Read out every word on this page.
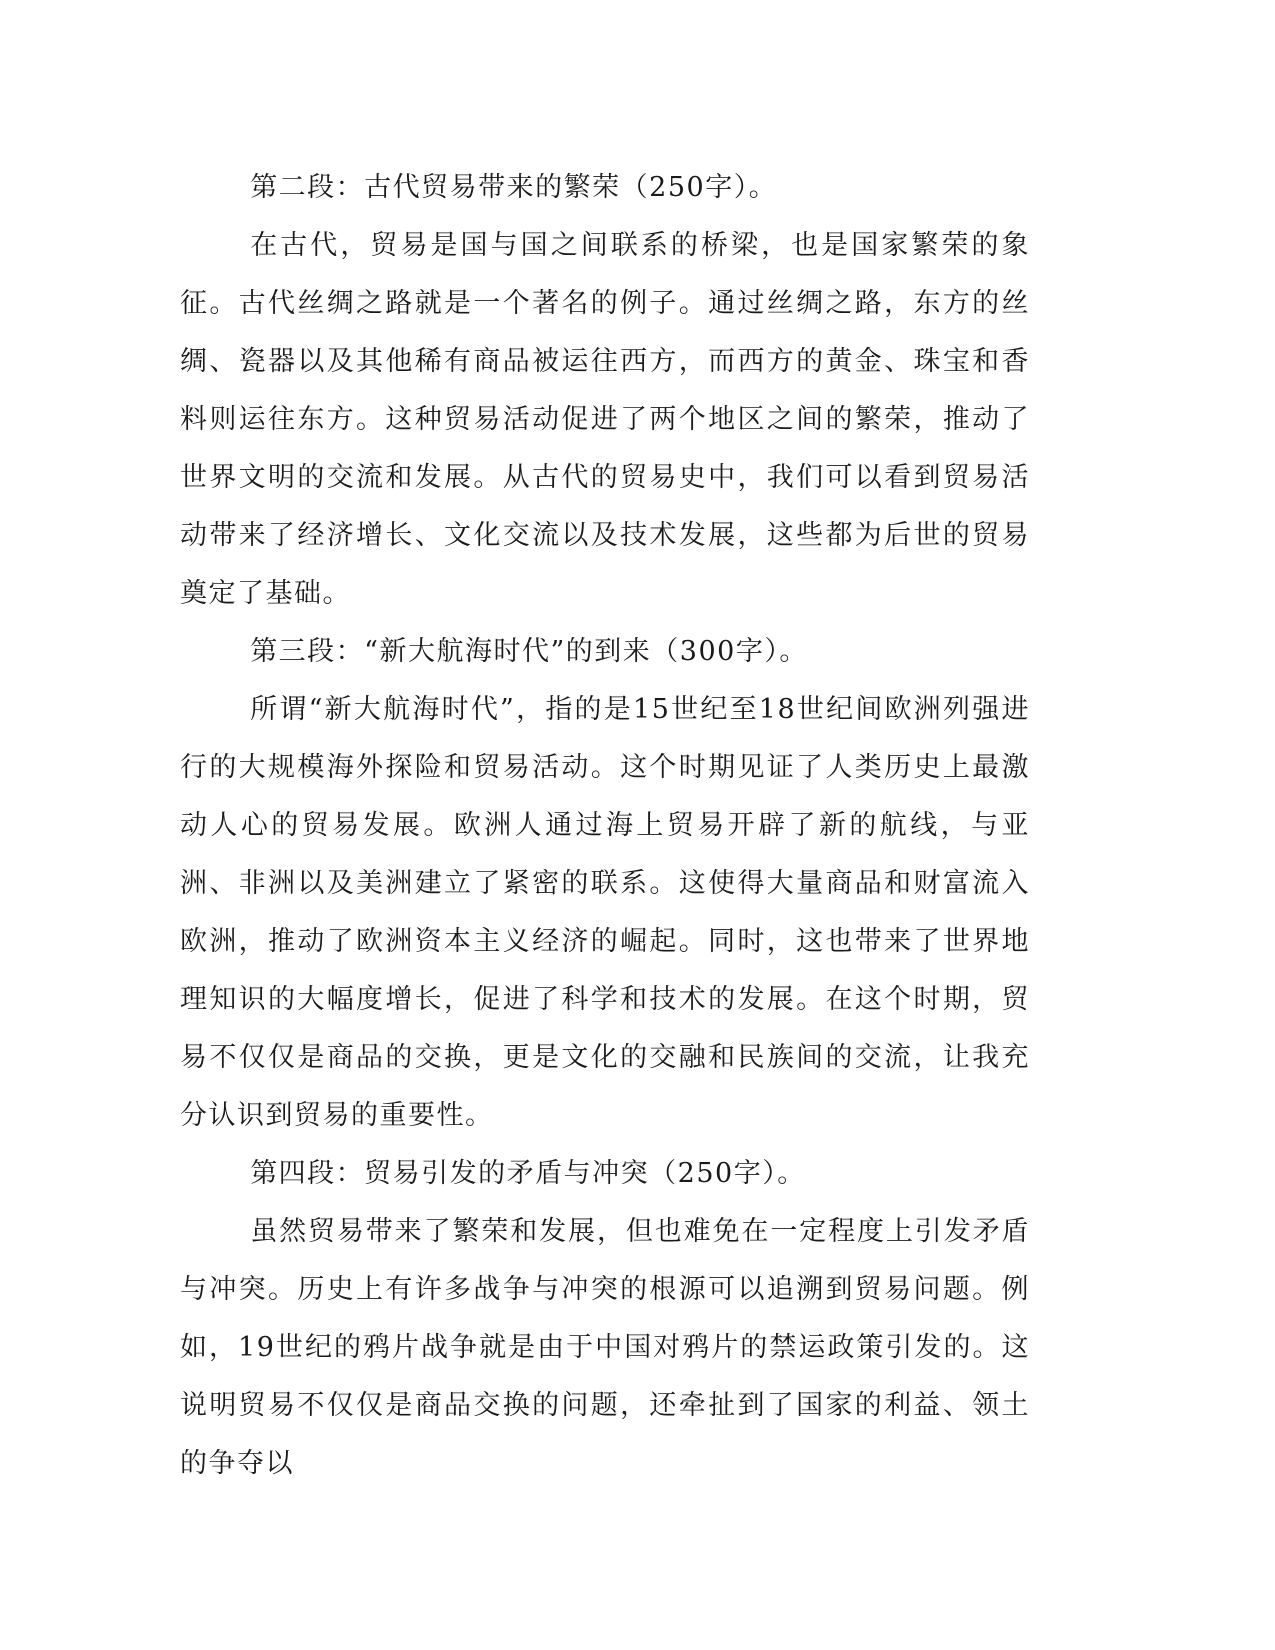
第二段：古代贸易带来的繁荣（250字）。

在古代，贸易是国与国之间联系的桥梁，也是国家繁荣的象征。古代丝绸之路就是一个著名的例子。通过丝绸之路，东方的丝绸、瓷器以及其他稀有商品被运往西方，而西方的黄金、珠宝和香料则运往东方。这种贸易活动促进了两个地区之间的繁荣，推动了世界文明的交流和发展。从古代的贸易史中，我们可以看到贸易活动带来了经济增长、文化交流以及技术发展，这些都为后世的贸易奠定了基础。

第三段：“新大航海时代”的到来（300字）。

所谓“新大航海时代”，指的是15世纪至18世纪间欧洲列强进行的大规模海外探险和贸易活动。这个时期见证了人类历史上最激动人心的贸易发展。欧洲人通过海上贸易开辟了新的航线，与亚洲、非洲以及美洲建立了紧密的联系。这使得大量商品和财富流入欧洲，推动了欧洲资本主义经济的崛起。同时，这也带来了世界地理知识的大幅度增长，促进了科学和技术的发展。在这个时期，贸易不仅仅是商品的交换，更是文化的交融和民族间的交流，让我充分认识到贸易的重要性。

第四段：贸易引发的矛盾与冲突（250字）。

虽然贸易带来了繁荣和发展，但也难免在一定程度上引发矛盾与冲突。历史上有许多战争与冲突的根源可以追溯到贸易问题。例如，19世纪的鸦片战争就是由于中国对鸦片的禁运政策引发的。这说明贸易不仅仅是商品交换的问题，还牵扯到了国家的利益、领土的争夺以
